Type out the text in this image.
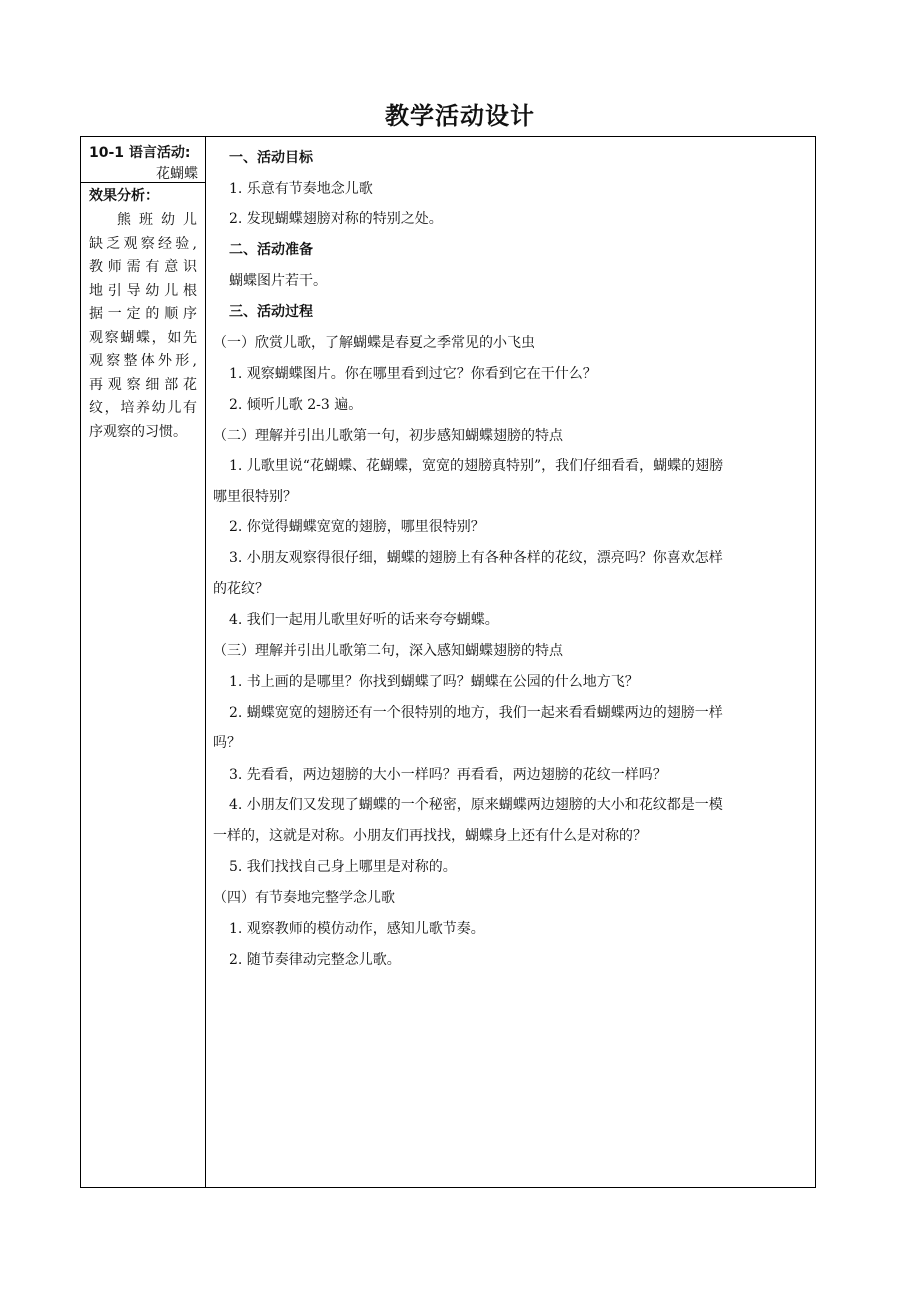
教学活动设计
10-1 语言活动:
花蝴蝶
效果分析：
熊班幼儿
缺乏观察经验,
教师需有意识
地引导幼儿根
据一定的顺序
观察蝴蝶，如先
观察整体外形,
再观察细部花
纹，培养幼儿有
序观察的习惯。
一、活动目标
1. 乐意有节奏地念儿歌
2. 发现蝴蝶翅膀对称的特别之处。
二、活动准备
蝴蝶图片若干。
三、活动过程
（一）欣赏儿歌，了解蝴蝶是春夏之季常见的小飞虫
1. 观察蝴蝶图片。你在哪里看到过它？你看到它在干什么？
2. 倾听儿歌 2-3 遍。
（二）理解并引出儿歌第一句，初步感知蝴蝶翅膀的特点
1. 儿歌里说“花蝴蝶、花蝴蝶，宽宽的翅膀真特别”，我们仔细看看，蝴蝶的翅膀
哪里很特别？
2. 你觉得蝴蝶宽宽的翅膀，哪里很特别？
3. 小朋友观察得很仔细，蝴蝶的翅膀上有各种各样的花纹，漂亮吗？你喜欢怎样
的花纹？
4. 我们一起用儿歌里好听的话来夸夸蝴蝶。
（三）理解并引出儿歌第二句，深入感知蝴蝶翅膀的特点
1. 书上画的是哪里？你找到蝴蝶了吗？蝴蝶在公园的什么地方飞？
2. 蝴蝶宽宽的翅膀还有一个很特别的地方，我们一起来看看蝴蝶两边的翅膀一样
吗？
3. 先看看，两边翅膀的大小一样吗？再看看，两边翅膀的花纹一样吗？
4. 小朋友们又发现了蝴蝶的一个秘密，原来蝴蝶两边翅膀的大小和花纹都是一模
一样的，这就是对称。小朋友们再找找，蝴蝶身上还有什么是对称的？
5. 我们找找自己身上哪里是对称的。
（四）有节奏地完整学念儿歌
1. 观察教师的模仿动作，感知儿歌节奏。
2. 随节奏律动完整念儿歌。
